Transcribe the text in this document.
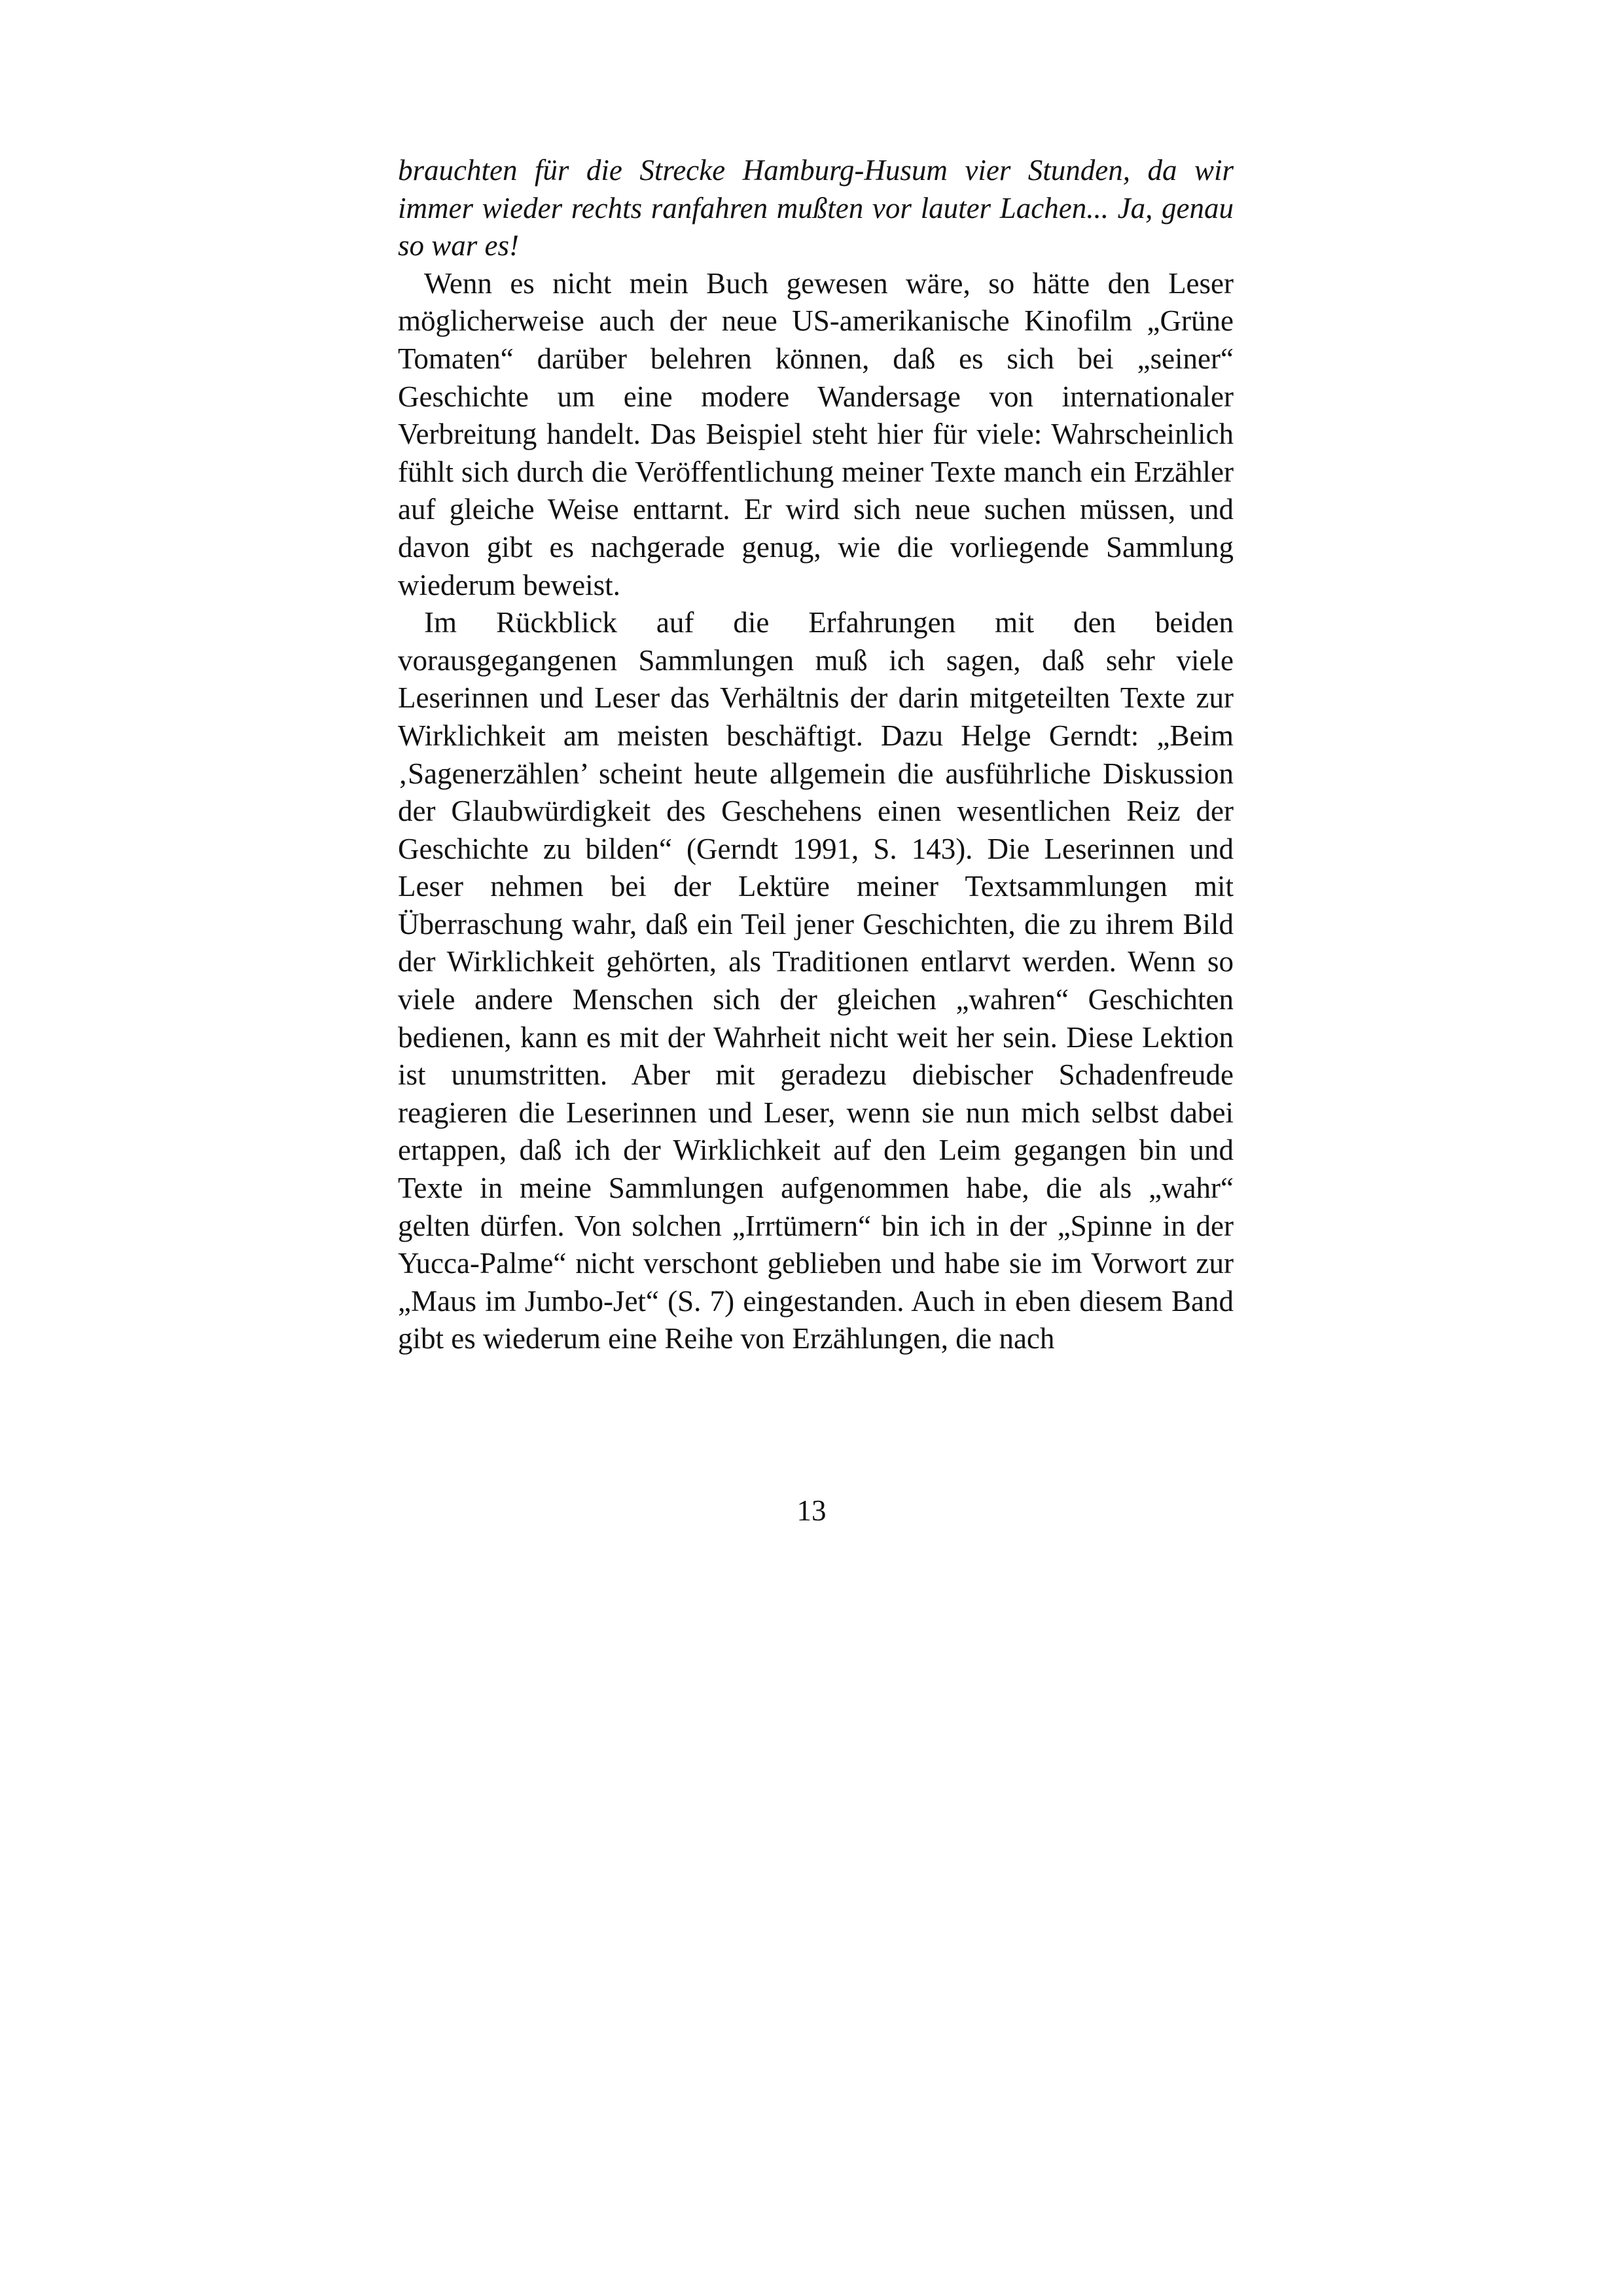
brauchten für die Strecke Hamburg-Husum vier Stunden, da wir immer wieder rechts ranfahren mußten vor lauter Lachen... Ja, genau so war es!

Wenn es nicht mein Buch gewesen wäre, so hätte den Leser möglicherweise auch der neue US-amerikanische Kinofilm „Grüne Tomaten“ darüber belehren können, daß es sich bei „seiner“ Geschichte um eine modere Wandersage von internationaler Verbreitung handelt. Das Beispiel steht hier für viele: Wahrscheinlich fühlt sich durch die Veröffentlichung meiner Texte manch ein Erzähler auf gleiche Weise enttarnt. Er wird sich neue suchen müssen, und davon gibt es nachgerade genug, wie die vorliegende Sammlung wiederum beweist.

Im Rückblick auf die Erfahrungen mit den beiden vorausgegangenen Sammlungen muß ich sagen, daß sehr viele Leserinnen und Leser das Verhältnis der darin mitgeteilten Texte zur Wirklichkeit am meisten beschäftigt. Dazu Helge Gerndt: „Beim ‚Sagenerzählen’ scheint heute allgemein die ausführliche Diskussion der Glaubwürdigkeit des Geschehens einen wesentlichen Reiz der Geschichte zu bilden“ (Gerndt 1991, S. 143). Die Leserinnen und Leser nehmen bei der Lektüre meiner Textsammlungen mit Überraschung wahr, daß ein Teil jener Geschichten, die zu ihrem Bild der Wirklichkeit gehörten, als Traditionen entlarvt werden. Wenn so viele andere Menschen sich der gleichen „wahren“ Geschichten bedienen, kann es mit der Wahrheit nicht weit her sein. Diese Lektion ist unumstritten. Aber mit geradezu diebischer Schadenfreude reagieren die Leserinnen und Leser, wenn sie nun mich selbst dabei ertappen, daß ich der Wirklichkeit auf den Leim gegangen bin und Texte in meine Sammlungen aufgenommen habe, die als „wahr“ gelten dürfen. Von solchen „Irrtümern“ bin ich in der „Spinne in der Yucca-Palme“ nicht verschont geblieben und habe sie im Vorwort zur „Maus im Jumbo-Jet“ (S. 7) eingestanden. Auch in eben diesem Band gibt es wiederum eine Reihe von Erzählungen, die nach

13
